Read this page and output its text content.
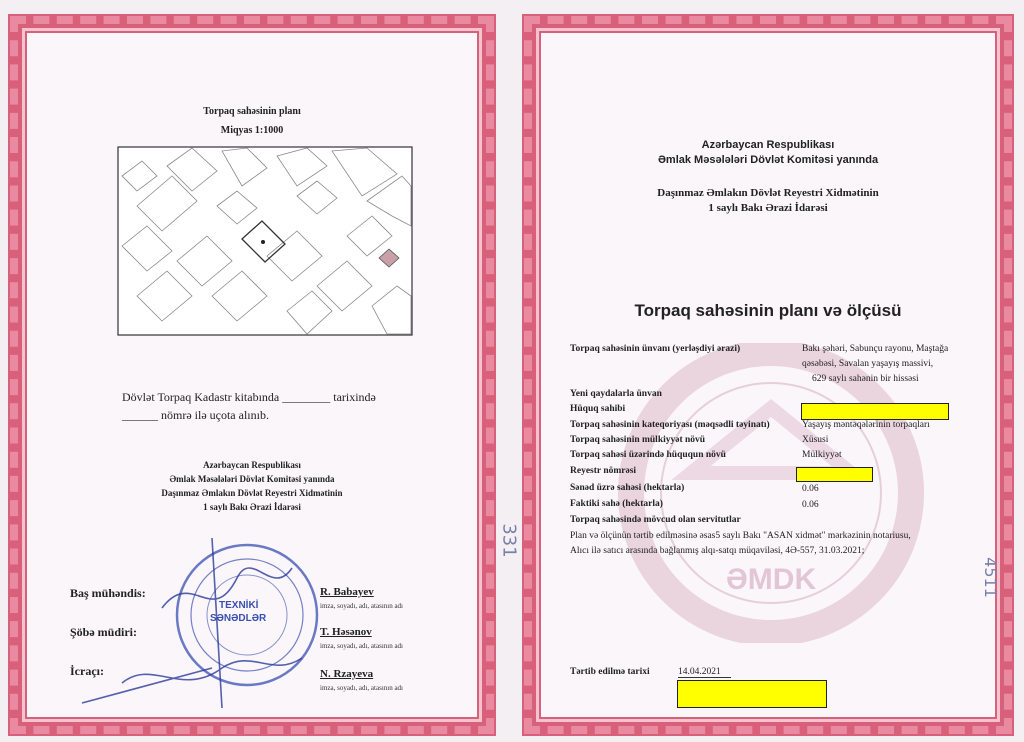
Torpaq sahəsinin planı
Miqyas 1:1000
Dövlət Torpaq Kadastr kitabında ________ tarixində
______ nömrə ilə uçota alınıb.
Azərbaycan Respublikası
Əmlak Məsələləri Dövlət Komitəsi yanında
Daşınmaz Əmlakın Dövlət Reyestri Xidmətinin
1 saylı Bakı Ərazi İdarəsi
TEXNİKİ
SƏNƏDLƏR
Baş mühəndis:	R. Babayev
imza, soyadı, adı, atasının adı
Şöbə müdiri:	T. Həsənov
imza, soyadı, adı, atasının adı
İcraçı:	N. Rzayeva
imza, soyadı, adı, atasının adı
331
ƏMDK
Azərbaycan Respublikası
Əmlak Məsələləri Dövlət Komitəsi yanında
Daşınmaz Əmlakın Dövlət Reyestri Xidmətinin
1 saylı Bakı Ərazi İdarəsi
Torpaq sahəsinin planı və ölçüsü
Torpaq sahəsinin ünvanı (yerləşdiyi ərazi)	Bakı şəhəri, Sabunçu rayonu, Maştağa
qəsəbəsi, Savalan yaşayış massivi,
629 saylı sahənin bir hissəsi
Yeni qaydalarla ünvan
Hüquq sahibi
Torpaq sahəsinin kateqoriyası (məqsədli təyinatı)	Yaşayış məntəqələrinin torpaqları
Torpaq sahəsinin mülkiyyət növü	Xüsusi
Torpaq sahəsi üzərində hüququn növü	Mülkiyyət
Reyestr nömrəsi
Sənəd üzrə sahəsi (hektarla)	0.06
Faktiki sahə (hektarla)	0.06
Torpaq sahəsində mövcud olan servitutlar
Plan və ölçünün tərtib edilməsinə əsas5 saylı Bakı "ASAN xidmət" mərkəzinin notariusu,
Alıcı ilə satıcı arasında bağlanmış alqı-satqı müqaviləsi, 4Ə-557, 31.03.2021;
4511
Tərtib edilmə tarixi	14.04.2021
